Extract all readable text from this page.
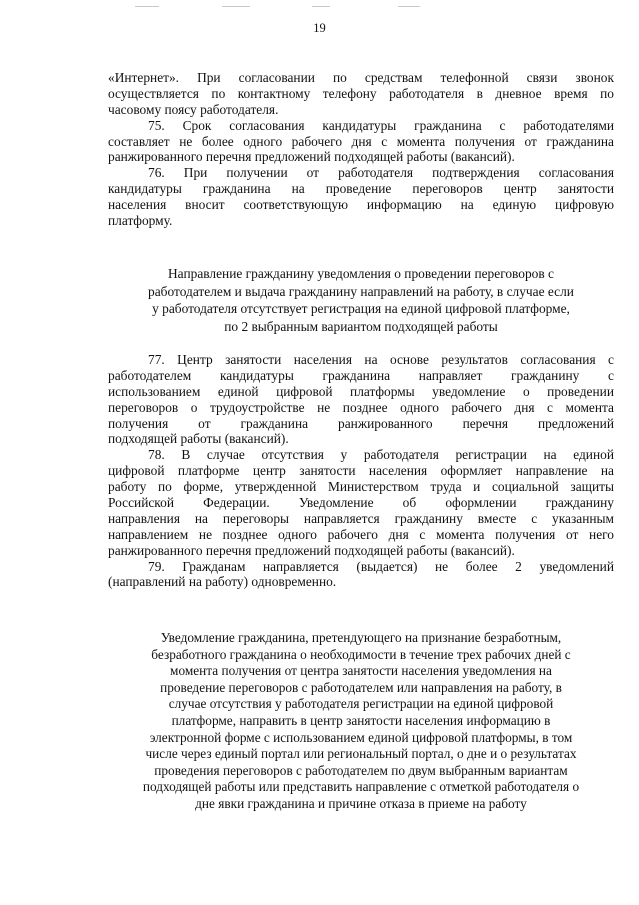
19
«Интернет». При согласовании по средствам телефонной связи звонок
осуществляется по контактному телефону работодателя в дневное время по
часовому поясу работодателя.
75. Срок согласования кандидатуры гражданина с работодателями
составляет не более одного рабочего дня с момента получения от гражданина
ранжированного перечня предложений подходящей работы (вакансий).
76. При получении от работодателя подтверждения согласования
кандидатуры гражданина на проведение переговоров центр занятости
населения вносит соответствующую информацию на единую цифровую
платформу.
Направление гражданину уведомления о проведении переговоров с
работодателем и выдача гражданину направлений на работу, в случае если
у работодателя отсутствует регистрация на единой цифровой платформе,
по 2 выбранным вариантом подходящей работы
77. Центр занятости населения на основе результатов согласования с
работодателем кандидатуры гражданина направляет гражданину с
использованием единой цифровой платформы уведомление о проведении
переговоров о трудоустройстве не позднее одного рабочего дня с момента
получения от гражданина ранжированного перечня предложений
подходящей работы (вакансий).
78. В случае отсутствия у работодателя регистрации на единой
цифровой платформе центр занятости населения оформляет направление на
работу по форме, утвержденной Министерством труда и социальной защиты
Российской Федерации. Уведомление об оформлении гражданину
направления на переговоры направляется гражданину вместе с указанным
направлением не позднее одного рабочего дня с момента получения от него
ранжированного перечня предложений подходящей работы (вакансий).
79. Гражданам направляется (выдается) не более 2 уведомлений
(направлений на работу) одновременно.
Уведомление гражданина, претендующего на признание безработным,
безработного гражданина о необходимости в течение трех рабочих дней с
момента получения от центра занятости населения уведомления на
проведение переговоров с работодателем или направления на работу, в
случае отсутствия у работодателя регистрации на единой цифровой
платформе, направить в центр занятости населения информацию в
электронной форме с использованием единой цифровой платформы, в том
числе через единый портал или региональный портал, о дне и о результатах
проведения переговоров с работодателем по двум выбранным вариантам
подходящей работы или представить направление с отметкой работодателя о
дне явки гражданина и причине отказа в приеме на работу
